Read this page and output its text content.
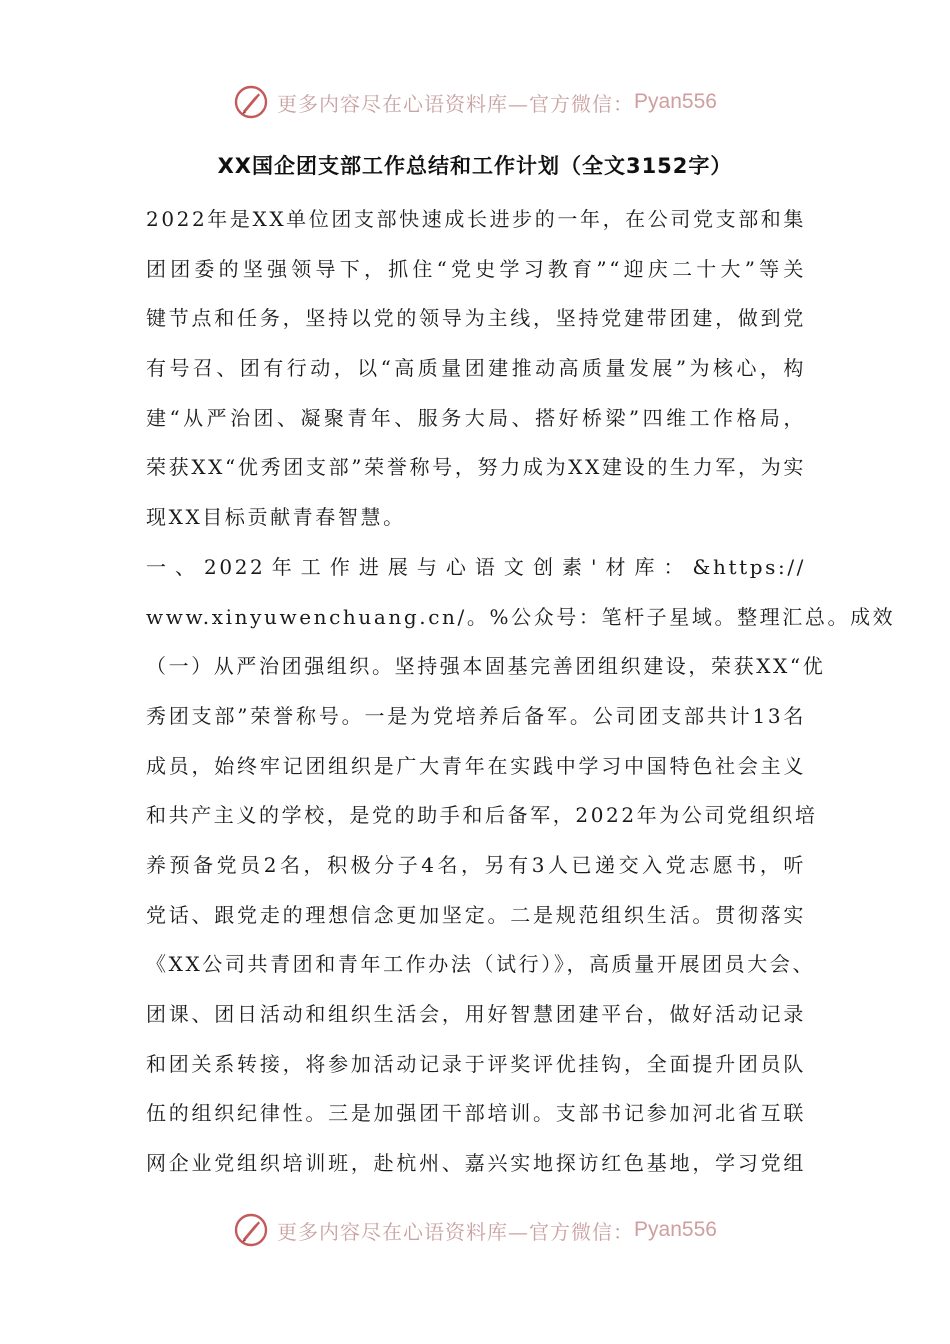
更多内容尽在心语资料库—官方微信： Pyan556
XX国企团支部工作总结和工作计划（全文3152字）
2022年是XX单位团支部快速成长进步的一年，在公司党支部和集
团团委的坚强领导下，抓住“党史学习教育”“迎庆二十大”等关
键节点和任务，坚持以党的领导为主线，坚持党建带团建，做到党
有号召、团有行动，以“高质量团建推动高质量发展”为核心，构
建“从严治团、凝聚青年、服务大局、搭好桥梁”四维工作格局，
荣获XX“优秀团支部”荣誉称号，努力成为XX建设的生力军，为实
现XX目标贡献青春智慧。
一、2022年工作进展与心语文创素'材库：&https://
www.xinyuwenchuang.cn/。%公众号：笔杆子星域。整理汇总。成效
（一）从严治团强组织。坚持强本固基完善团组织建设，荣获XX“优
秀团支部”荣誉称号。一是为党培养后备军。公司团支部共计13名
成员，始终牢记团组织是广大青年在实践中学习中国特色社会主义
和共产主义的学校，是党的助手和后备军，2022年为公司党组织培
养预备党员2名，积极分子4名，另有3人已递交入党志愿书，听
党话、跟党走的理想信念更加坚定。二是规范组织生活。贯彻落实
《XX公司共青团和青年工作办法（试行）》，高质量开展团员大会、
团课、团日活动和组织生活会，用好智慧团建平台，做好活动记录
和团关系转接，将参加活动记录于评奖评优挂钩，全面提升团员队
伍的组织纪律性。三是加强团干部培训。支部书记参加河北省互联
网企业党组织培训班，赴杭州、嘉兴实地探访红色基地，学习党组
更多内容尽在心语资料库—官方微信： Pyan556
